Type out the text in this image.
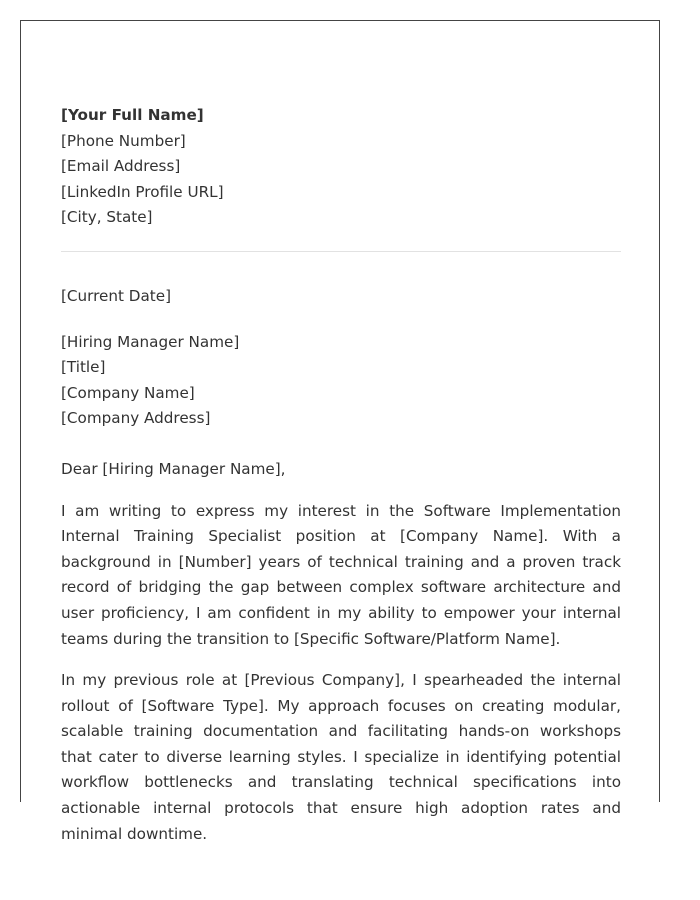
[Your Full Name]

[Phone Number]

[Email Address]

[LinkedIn Profile URL]

[City, State]

[Current Date]

[Hiring Manager Name]

[Title]

[Company Name]

[Company Address]

Dear [Hiring Manager Name],

I am writing to express my interest in the Software Implementation Internal Training Specialist position at [Company Name]. With a background in [Number] years of technical training and a proven track record of bridging the gap between complex software architecture and user proficiency, I am confident in my ability to empower your internal teams during the transition to [Specific Software/Platform Name].

In my previous role at [Previous Company], I spearheaded the internal rollout of [Software Type]. My approach focuses on creating modular, scalable training documentation and facilitating hands-on workshops that cater to diverse learning styles. I specialize in identifying potential workflow bottlenecks and translating technical specifications into actionable internal protocols that ensure high adoption rates and minimal downtime.
